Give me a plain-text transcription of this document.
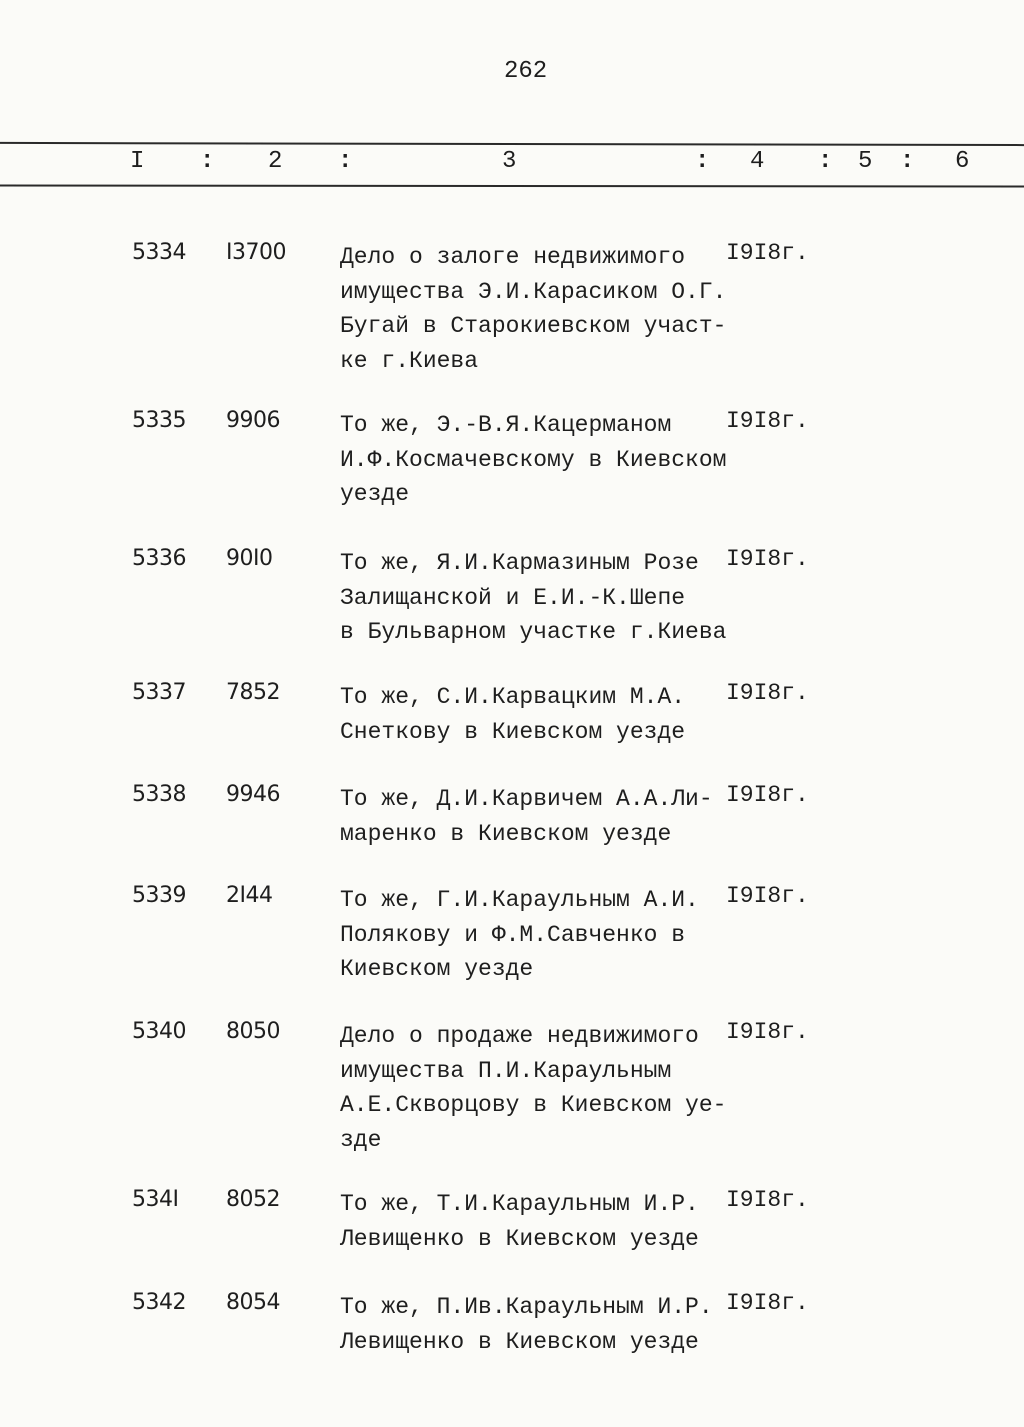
262
I : 2 :	3	: 4 : 5 : 6
5334 I3700 Дело о залоге недвижимого
имущества Э.И.Карасиком О.Г.
Бугай в Старокиевском участ-
ке г.Киева
I9I8г.
5335 9906	То же, Э.-В.Я.Кацерманом
И.Ф.Космачевскому в Киевском
уезде
I9I8г.
5336 90I0	То же, Я.И.Кармазиным Розе
Залищанской и Е.И.-К.Шепе
в Бульварном участке г.Киева
I9I8г.
5337 7852	То же, С.И.Карвацким М.А.
Снеткову в Киевском уезде
I9I8г.
5338 9946	То же, Д.И.Карвичем А.А.Ли-
маренко в Киевском уезде
I9I8г.
5339 2I44	То же, Г.И.Караульным А.И.
Полякову и Ф.М.Савченко в
Киевском уезде
I9I8г.
5340 8050	Дело о продаже недвижимого
имущества П.И.Караульным
А.Е.Скворцову в Киевском уе-
зде
I9I8г.
534I 8052	То же, Т.И.Караульным И.Р.
Левищенко в Киевском уезде
I9I8г.
5342 8054	То же, П.Ив.Караульным И.Р.
Левищенко в Киевском уезде
I9I8г.
